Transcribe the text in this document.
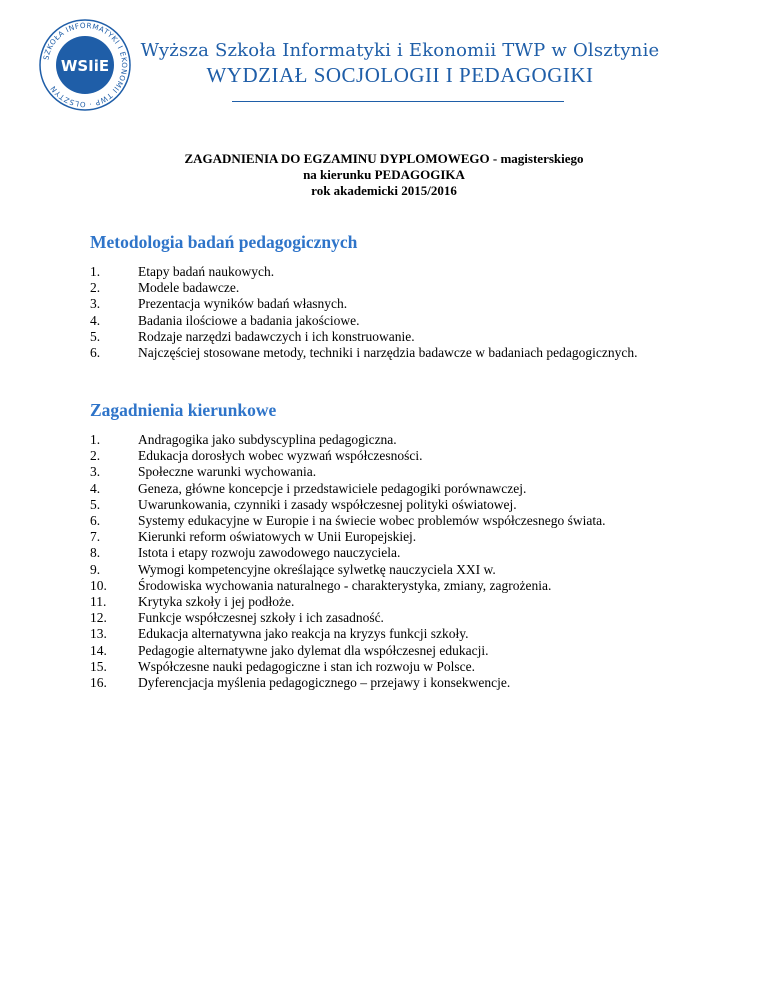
SZKOŁA INFORMATYKI I EKONOMII TWP · OLSZTYN
WSIiE
Wyższa Szkoła Informatyki i Ekonomii TWP w Olsztynie
WYDZIAŁ SOCJOLOGII I PEDAGOGIKI
ZAGADNIENIA DO EGZAMINU DYPLOMOWEGO - magisterskiego
na kierunku PEDAGOGIKA
rok akademicki 2015/2016
Metodologia badań pedagogicznych
1.	Etapy badań naukowych.
2.	Modele badawcze.
3.	Prezentacja wyników badań własnych.
4.	Badania ilościowe a badania jakościowe.
5.	Rodzaje narzędzi badawczych i ich konstruowanie.
6.	Najczęściej stosowane metody, techniki i narzędzia badawcze w badaniach pedagogicznych.
Zagadnienia kierunkowe
1.	Andragogika jako subdyscyplina pedagogiczna.
2.	Edukacja dorosłych wobec wyzwań współczesności.
3.	Społeczne warunki wychowania.
4.	Geneza, główne koncepcje i przedstawiciele pedagogiki porównawczej.
5.	Uwarunkowania, czynniki i zasady współczesnej polityki oświatowej.
6.	Systemy edukacyjne w Europie i na świecie wobec problemów współczesnego świata.
7.	Kierunki reform oświatowych w Unii Europejskiej.
8.	Istota i etapy rozwoju zawodowego nauczyciela.
9.	Wymogi kompetencyjne określające sylwetkę nauczyciela XXI w.
10.	Środowiska wychowania naturalnego - charakterystyka, zmiany, zagrożenia.
11.	Krytyka szkoły i jej podłoże.
12.	Funkcje współczesnej szkoły i ich zasadność.
13.	Edukacja alternatywna jako reakcja na kryzys funkcji szkoły.
14.	Pedagogie alternatywne jako dylemat dla współczesnej edukacji.
15.	Współczesne nauki pedagogiczne i stan ich rozwoju w Polsce.
16.	Dyferencjacja myślenia pedagogicznego – przejawy i konsekwencje.
